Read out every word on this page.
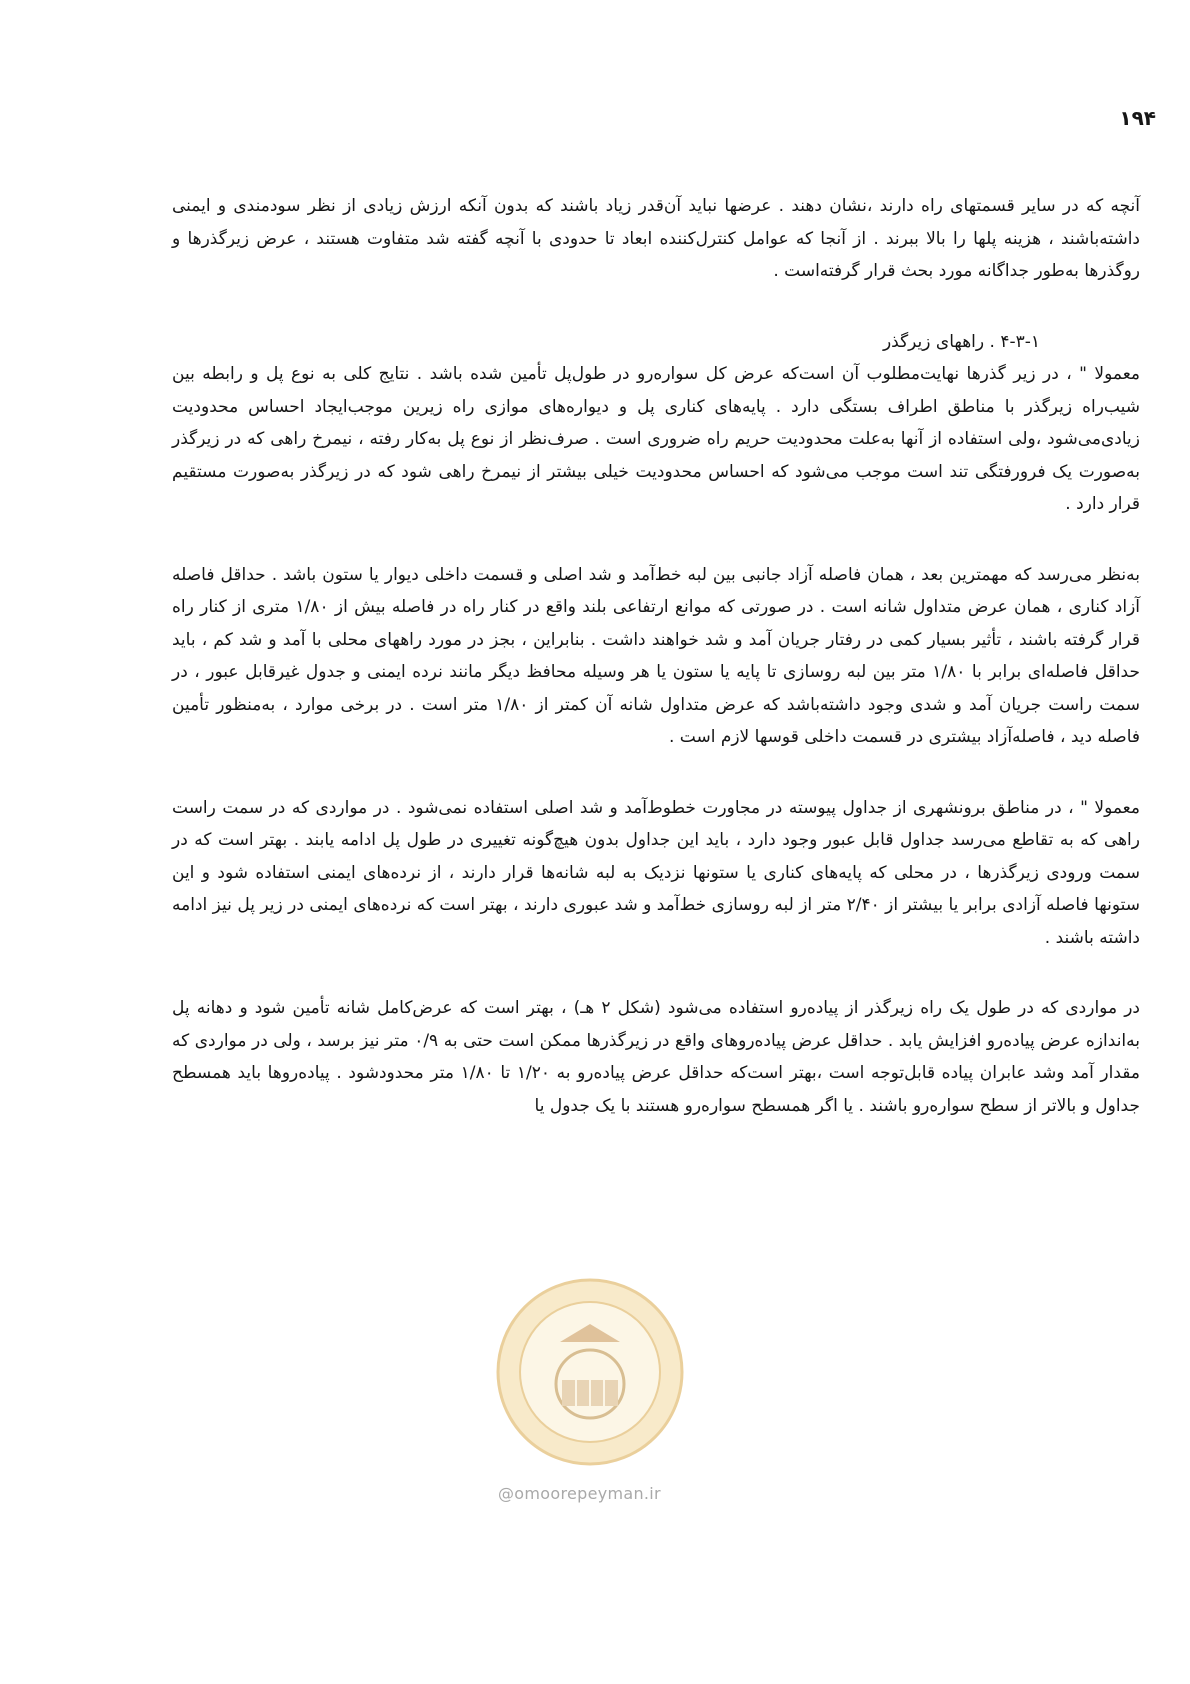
۱۹۴

آنچه که در سایر قسمتهای راه دارند ،نشان دهند . عرضها نباید آن‌قدر زیاد باشند که بدون آنکه ارزش زیادی از نظر سودمندی و ایمنی داشته‌باشند ، هزینه پلها را بالا ببرند . از آنجا که عوامل کنترل‌کننده ابعاد تا حدودی با آنچه گفته شد متفاوت هستند ، عرض زیرگذرها و روگذرها به‌طور جداگانه مورد بحث قرار گرفته‌است .

۴-۳-۱ . راههای زیرگذر

معمولا " ، در زیر گذرها نهایت‌مطلوب آن است‌که عرض کل سواره‌رو در طول‌پل تأمین شده باشد . نتایج کلی به نوع پل و رابطه بین شیب‌راه زیرگذر با مناطق اطراف بستگی دارد . پایه‌های کناری پل و دیواره‌های موازی راه زیرین موجب‌ایجاد احساس محدودیت زیادی‌می‌شود ،ولی استفاده از آنها به‌علت محدودیت حریم راه ضروری است . صرف‌نظر از نوع پل به‌کار رفته ، نیمرخ راهی که در زیرگذر به‌صورت یک فرورفتگی تند است موجب می‌شود که احساس محدودیت خیلی بیشتر از نیمرخ راهی شود که در زیرگذر به‌صورت مستقیم قرار دارد .

به‌نظر می‌رسد که مهمترین بعد ، همان فاصله آزاد جانبی بین لبه خط‌آمد و شد اصلی و قسمت داخلی دیوار یا ستون باشد . حداقل فاصله آزاد کناری ، همان عرض متداول شانه است . در صورتی که موانع ارتفاعی بلند واقع در کنار راه در فاصله بیش از ۱/۸۰ متری از کنار راه قرار گرفته باشند ، تأثیر بسیار کمی در رفتار جریان آمد و شد خواهند داشت . بنابراین ، بجز در مورد راههای محلی با آمد و شد کم ، باید حداقل فاصله‌ای برابر با ۱/۸۰ متر بین لبه روسازی تا پایه یا ستون یا هر وسیله محافظ دیگر مانند نرده ایمنی و جدول غیرقابل عبور ، در سمت راست جریان آمد و شدی وجود داشته‌باشد که عرض متداول شانه آن کمتر از ۱/۸۰ متر است . در برخی موارد ، به‌منظور تأمین فاصله دید ، فاصله‌آزاد بیشتری در قسمت داخلی قوسها لازم است .

معمولا " ، در مناطق برونشهری از جداول پیوسته در مجاورت خطوط‌آمد و شد اصلی استفاده نمی‌شود . در مواردی که در سمت راست راهی که به تقاطع می‌رسد جداول قابل عبور وجود دارد ، باید این جداول بدون هیچ‌گونه تغییری در طول پل ادامه یابند . بهتر است که در سمت ورودی زیرگذرها ، در محلی که پایه‌های کناری یا ستونها نزدیک به لبه شانه‌ها قرار دارند ، از نرده‌های ایمنی استفاده شود و این ستونها فاصله آزادی برابر یا بیشتر از ۲/۴۰ متر از لبه روسازی خط‌آمد و شد عبوری دارند ، بهتر است که نرده‌های ایمنی در زیر پل نیز ادامه داشته باشند .

در مواردی که در طول یک راه زیرگذر از پیاده‌رو استفاده می‌شود (شکل ۲ هـ) ، بهتر است که عرض‌کامل شانه تأمین شود و دهانه پل به‌اندازه عرض پیاده‌رو افزایش یابد . حداقل عرض پیاده‌روهای واقع در زیرگذرها ممکن است حتی به ۰/۹ متر نیز برسد ، ولی در مواردی که مقدار آمد وشد عابران پیاده قابل‌توجه است ،بهتر است‌که حداقل عرض پیاده‌رو به ۱/۲۰ تا ۱/۸۰ متر محدودشود . پیاده‌روها باید همسطح جداول و بالاتر از سطح سواره‌رو باشند . یا اگر همسطح سواره‌رو هستند با یک جدول یا

@omoorepeyman.ir
